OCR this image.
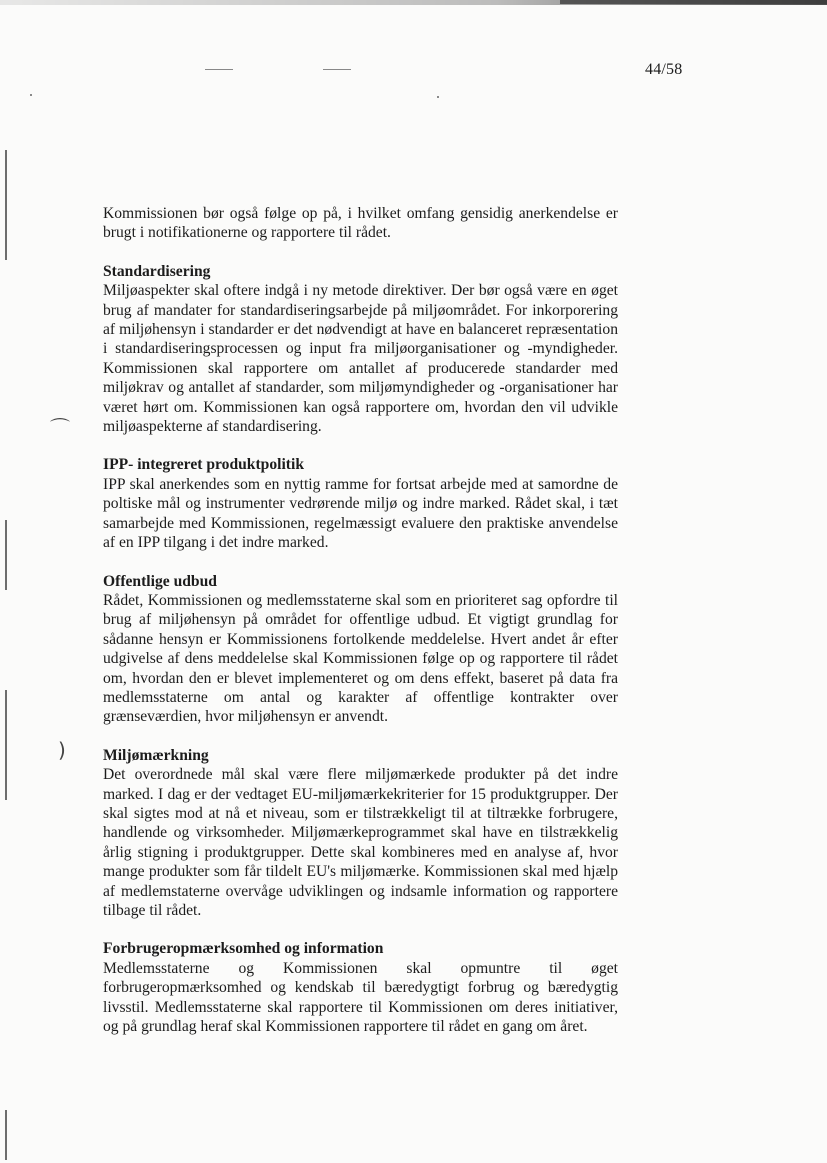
⌒
)
44/58

Kommissionen bør også følge op på, i hvilket omfang gensidig anerkendelse er brugt i notifikationerne og rapportere til rådet.

Standardisering

Miljøaspekter skal oftere indgå i ny metode direktiver. Der bør også være en øget brug af mandater for standardiseringsarbejde på miljøområdet. For inkorporering af miljøhensyn i standarder er det nødvendigt at have en balanceret repræsentation i standardiseringsprocessen og input fra miljøorganisationer og -myndigheder. Kommissionen skal rapportere om antallet af producerede standarder med miljøkrav og antallet af standarder, som miljømyndigheder og -organisationer har været hørt om. Kommissionen kan også rapportere om, hvordan den vil udvikle miljøaspekterne af standardisering.

IPP- integreret produktpolitik

IPP skal anerkendes som en nyttig ramme for fortsat arbejde med at samordne de poltiske mål og instrumenter vedrørende miljø og indre marked. Rådet skal, i tæt samarbejde med Kommissionen, regelmæssigt evaluere den praktiske anvendelse af en IPP tilgang i det indre marked.

Offentlige udbud

Rådet, Kommissionen og medlemsstaterne skal som en prioriteret sag opfordre til brug af miljøhensyn på området for offentlige udbud. Et vigtigt grundlag for sådanne hensyn er Kommissionens fortolkende meddelelse. Hvert andet år efter udgivelse af dens meddelelse skal Kommissionen følge op og rapportere til rådet om, hvordan den er blevet implementeret og om dens effekt, baseret på data fra medlemsstaterne om antal og karakter af offentlige kontrakter over grænseværdien, hvor miljøhensyn er anvendt.

Miljømærkning

Det overordnede mål skal være flere miljømærkede produkter på det indre marked. I dag er der vedtaget EU-miljømærkekriterier for 15 produktgrupper. Der skal sigtes mod at nå et niveau, som er tilstrækkeligt til at tiltrække forbrugere, handlende og virksomheder. Miljømærkeprogrammet skal have en tilstrækkelig årlig stigning i produktgrupper. Dette skal kombineres med en analyse af, hvor mange produkter som får tildelt EU's miljømærke. Kommissionen skal med hjælp af medlemstaterne overvåge udviklingen og indsamle information og rapportere tilbage til rådet.

Forbrugeropmærksomhed og information

Medlemsstaterne og Kommissionen skal opmuntre til øget forbrugeropmærksomhed og kendskab til bæredygtigt forbrug og bæredygtig livsstil. Medlemsstaterne skal rapportere til Kommissionen om deres initiativer, og på grundlag heraf skal Kommissionen rapportere til rådet en gang om året.
